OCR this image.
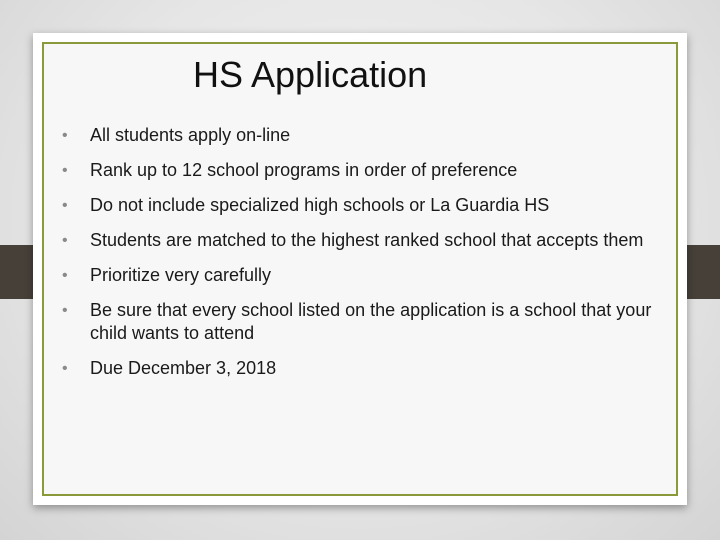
HS Application
• All students apply on-line
• Rank up to 12 school programs in order of preference
• Do not include specialized high schools or La Guardia HS
• Students are matched to the highest ranked school that accepts them
• Prioritize very carefully
• Be sure that every school listed on the application is a school that your child wants to attend
• Due December 3, 2018
